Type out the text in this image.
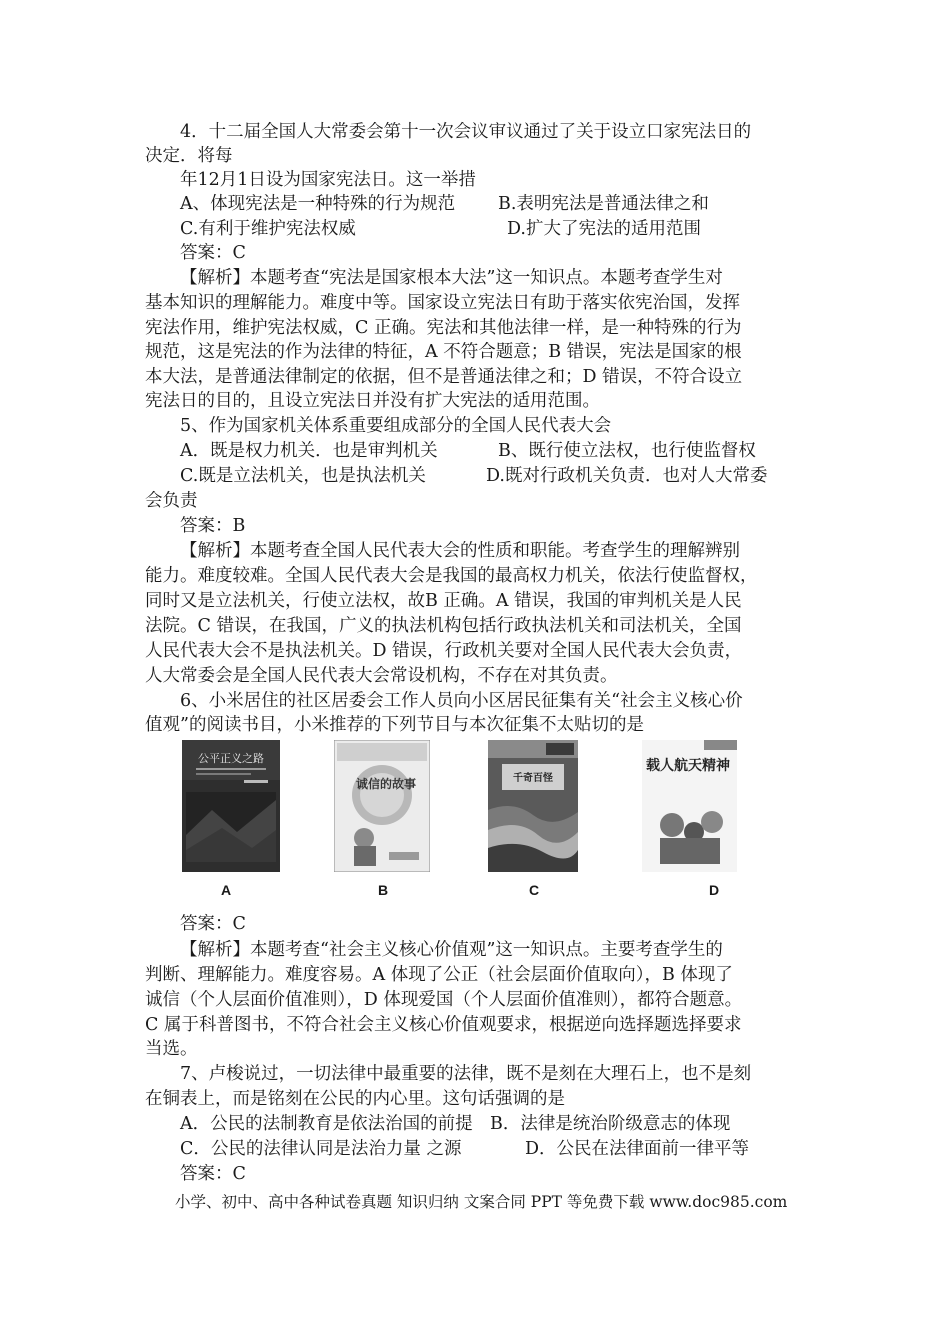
4．十二届全国人大常委会第十一次会议审议通过了关于设立口家宪法日的
决定．将每
年12月1日设为国家宪法日。这一举措
A、体现宪法是一种特殊的行为规范 B.表明宪法是普通法律之和
C.有利于维护宪法权威	D.扩大了宪法的适用范围
答案：C
【解析】本题考查“宪法是国家根本大法”这一知识点。本题考查学生对
基本知识的理解能力。难度中等。国家设立宪法日有助于落实依宪治国，发挥
宪法作用，维护宪法权威，C 正确。宪法和其他法律一样，是一种特殊的行为
规范，这是宪法的作为法律的特征，A 不符合题意；B 错误，宪法是国家的根
本大法，是普通法律制定的依据，但不是普通法律之和；D 错误，不符合设立
宪法日的目的，且设立宪法日并没有扩大宪法的适用范围。
5、作为国家机关体系重要组成部分的全国人民代表大会
A．既是权力机关．也是审判机关	B、既行使立法权，也行使监督权
C.既是立法机关，也是执法机关	D.既对行政机关负责．也对人大常委
会负责
答案：B
【解析】本题考查全国人民代表大会的性质和职能。考查学生的理解辨别
能力。难度较难。全国人民代表大会是我国的最高权力机关，依法行使监督权，
同时又是立法机关，行使立法权，故B 正确。A 错误，我国的审判机关是人民
法院。C 错误，在我国，广义的执法机构包括行政执法机关和司法机关，全国
人民代表大会不是执法机关。D 错误，行政机关要对全国人民代表大会负责，
人大常委会是全国人民代表大会常设机构，不存在对其负责。
6、小米居住的社区居委会工作人员向小区居民征集有关“社会主义核心价
值观”的阅读书目，小米推荐的下列节目与本次征集不太贴切的是
公平正义之路
诚信的故事	千奇百怪
载人航天精神
A	B	C	D
答案：C
【解析】本题考查“社会主义核心价值观”这一知识点。主要考查学生的
判断、理解能力。难度容易。A 体现了公正（社会层面价值取向），B 体现了
诚信（个人层面价值准则），D 体现爱国（个人层面价值准则），都符合题意。
C 属于科普图书，不符合社会主义核心价值观要求，根据逆向选择题选择要求
当选。
7、卢梭说过，一切法律中最重要的法律，既不是刻在大理石上，也不是刻
在铜表上，而是铭刻在公民的内心里。这句话强调的是
A．公民的法制教育是依法治国的前提 B．法律是统治阶级意志的体现
C．公民的法律认同是法治力量 之源	D．公民在法律面前一律平等
答案：C
小学、初中、高中各种试卷真题 知识归纳 文案合同 PPT 等免费下载 www.doc985.com
